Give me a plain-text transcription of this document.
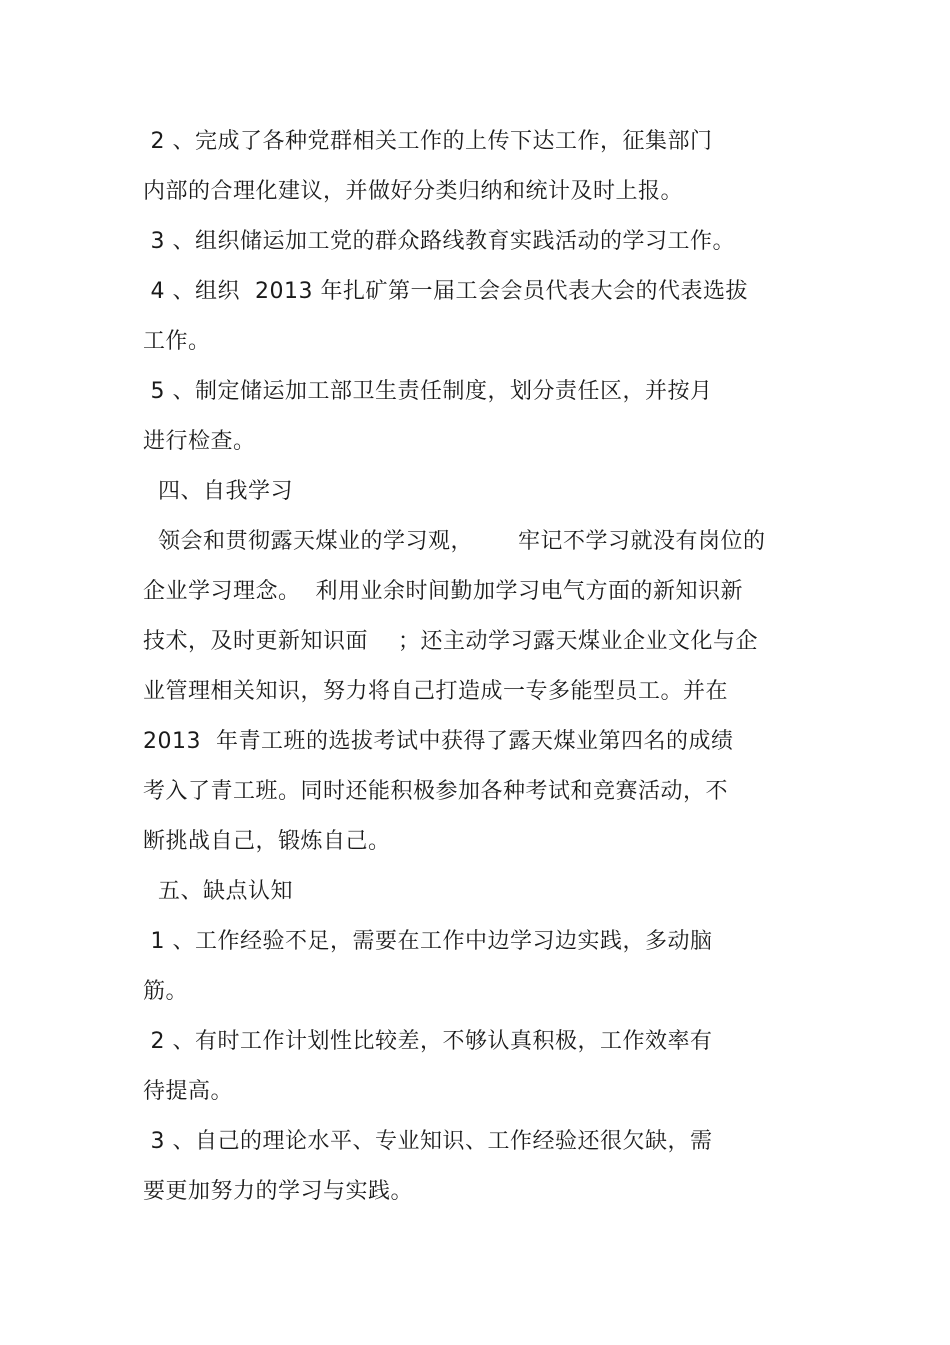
2 、完成了各种党群相关工作的上传下达工作，征集部门
内部的合理化建议，并做好分类归纳和统计及时上报。
3 、组织储运加工党的群众路线教育实践活动的学习工作。
4 、组织  2013 年扎矿第一届工会会员代表大会的代表选拔
工作。
5 、制定储运加工部卫生责任制度，划分责任区，并按月
进行检查。
四、自我学习
领会和贯彻露天煤业的学习观，      牢记不学习就没有岗位的
企业学习理念。  利用业余时间勤加学习电气方面的新知识新
技术，及时更新知识面    ；还主动学习露天煤业企业文化与企
业管理相关知识，努力将自己打造成一专多能型员工。并在
2013  年青工班的选拔考试中获得了露天煤业第四名的成绩
考入了青工班。同时还能积极参加各种考试和竞赛活动，不
断挑战自己，锻炼自己。
五、缺点认知
1 、工作经验不足，需要在工作中边学习边实践，多动脑
筋。
2 、有时工作计划性比较差，不够认真积极，工作效率有
待提高。
3 、自己的理论水平、专业知识、工作经验还很欠缺，需
要更加努力的学习与实践。
